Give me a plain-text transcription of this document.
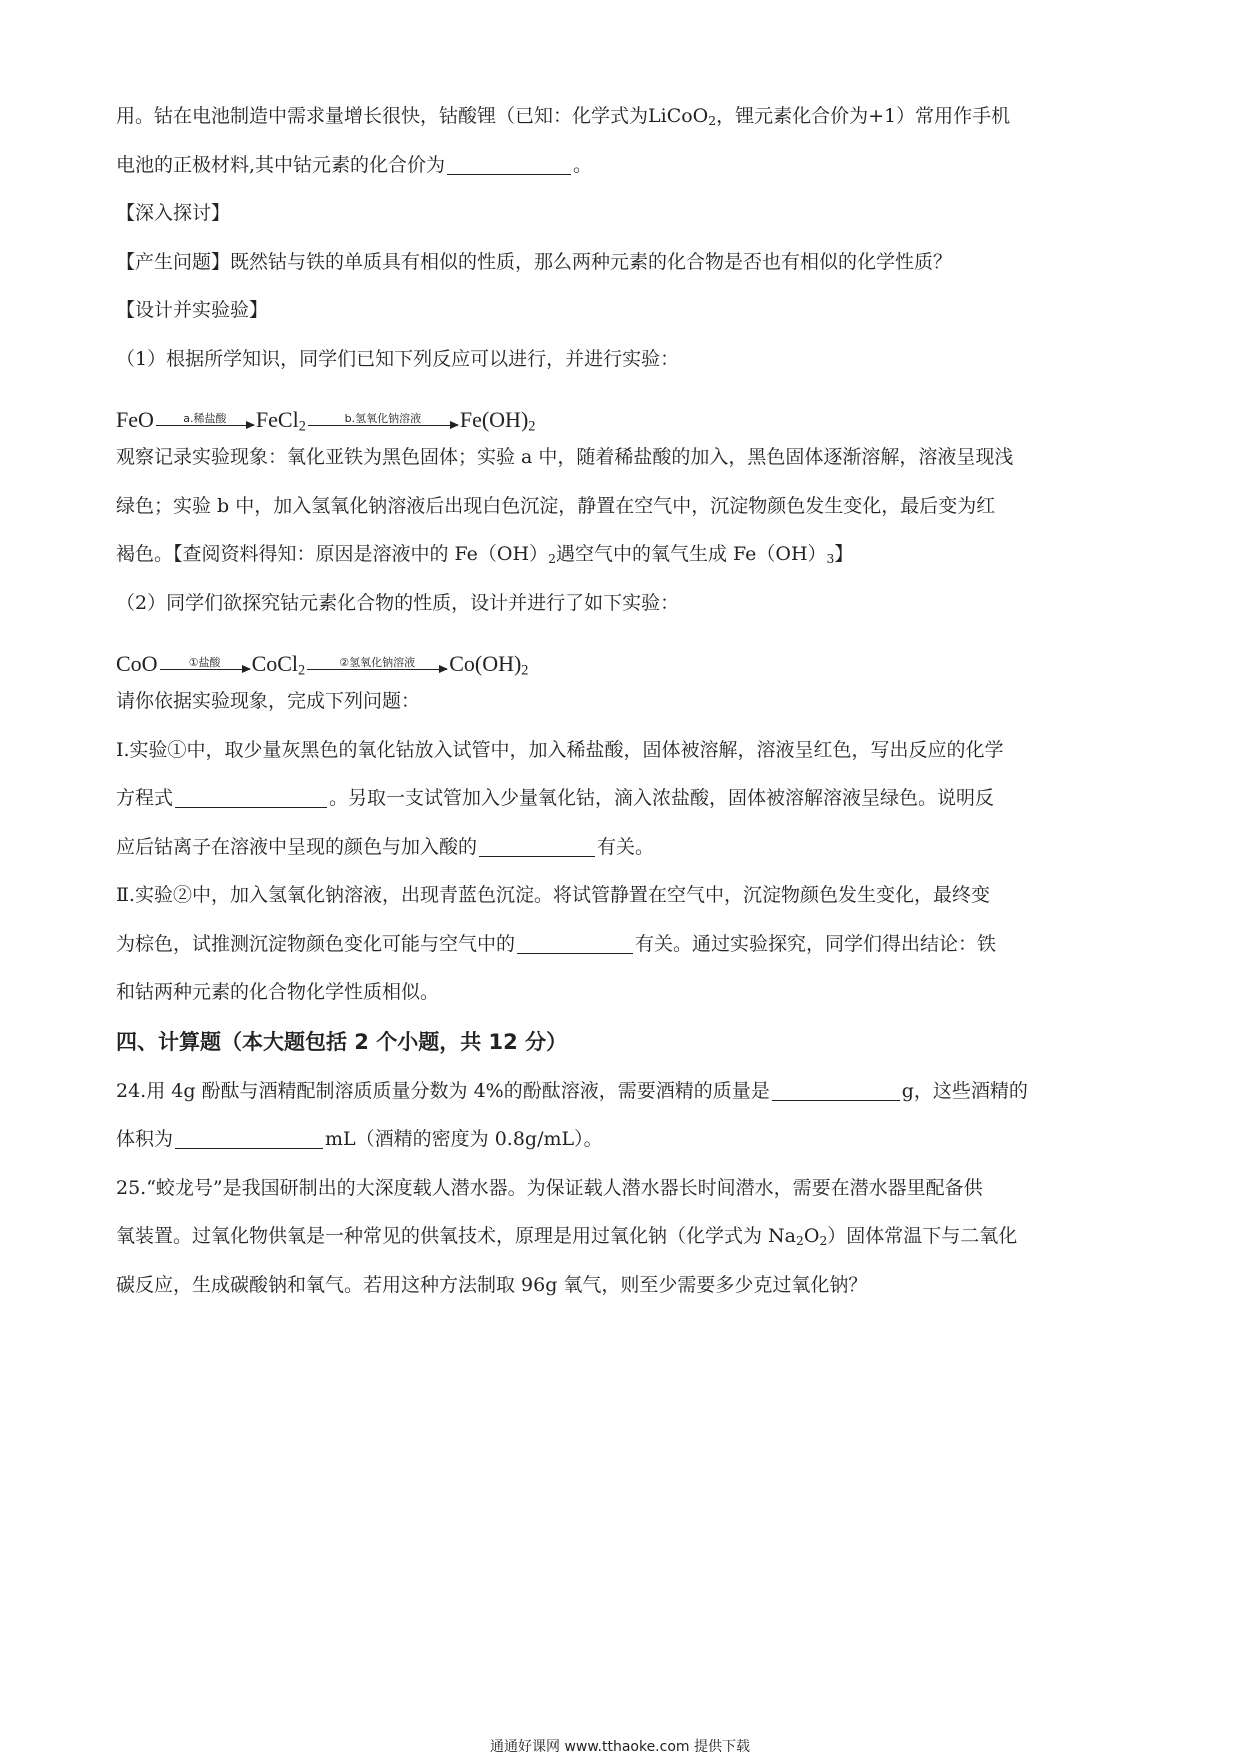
用。钴在电池制造中需求量增长很快，钴酸锂（已知：化学式为LiCoO$_2$，锂元素化合价为+1）常用作手机
电池的正极材料,其中钴元素的化合价为	。
【深入探讨】
【产生问题】既然钴与铁的单质具有相似的性质，那么两种元素的化合物是否也有相似的化学性质？
【设计并实验验】
（1）根据所学知识，同学们已知下列反应可以进行，并进行实验：
FeO	a.稀盐酸 FeCl$_2$
b.氢氧化钠溶液 $Fe(OH)_2$
观察记录实验现象：氧化亚铁为黑色固体；实验 a 中，随着稀盐酸的加入，黑色固体逐渐溶解，溶液呈现浅
绿色；实验 b 中，加入氢氧化钠溶液后出现白色沉淀，静置在空气中，沉淀物颜色发生变化，最后变为红
褐色。【查阅资料得知：原因是溶液中的 $Fe(OH)_2$遇空气中的氧气生成 $Fe(OH)_3$】
（2）同学们欲探究钴元素化合物的性质，设计并进行了如下实验：
CoO	①盐酸 CoCl$_2$
②氢氧化钠溶液 $Co(OH)_2$
请你依据实验现象，完成下列问题：
I.实验①中，取少量灰黑色的氧化钴放入试管中，加入稀盐酸，固体被溶解，溶液呈红色，写出反应的化学
方程式	。另取一支试管加入少量氧化钴，滴入浓盐酸，固体被溶解溶液呈绿色。说明反
应后钴离子在溶液中呈现的颜色与加入酸的	有关。
Ⅱ.实验②中，加入氢氧化钠溶液，出现青蓝色沉淀。将试管静置在空气中，沉淀物颜色发生变化，最终变
为棕色，试推测沉淀物颜色变化可能与空气中的	有关。通过实验探究，同学们得出结论：铁
和钴两种元素的化合物化学性质相似。
四、计算题（本大题包括 2 个小题，共 12 分）
24.用 4g 酚酞与酒精配制溶质质量分数为 4%的酚酞溶液，需要酒精的质量是	g，这些酒精的
体积为	mL（酒精的密度为 0.8g/mL）。
25.“蛟龙号”是我国研制出的大深度载人潜水器。为保证载人潜水器长时间潜水，需要在潜水器里配备供
氧装置。过氧化物供氧是一种常见的供氧技术，原理是用过氧化钠（化学式为 $Na_2O_2$）固体常温下与二氧化
碳反应，生成碳酸钠和氧气。若用这种方法制取 96g 氧气，则至少需要多少克过氧化钠？
通通好课网 www.tthaoke.com 提供下载
